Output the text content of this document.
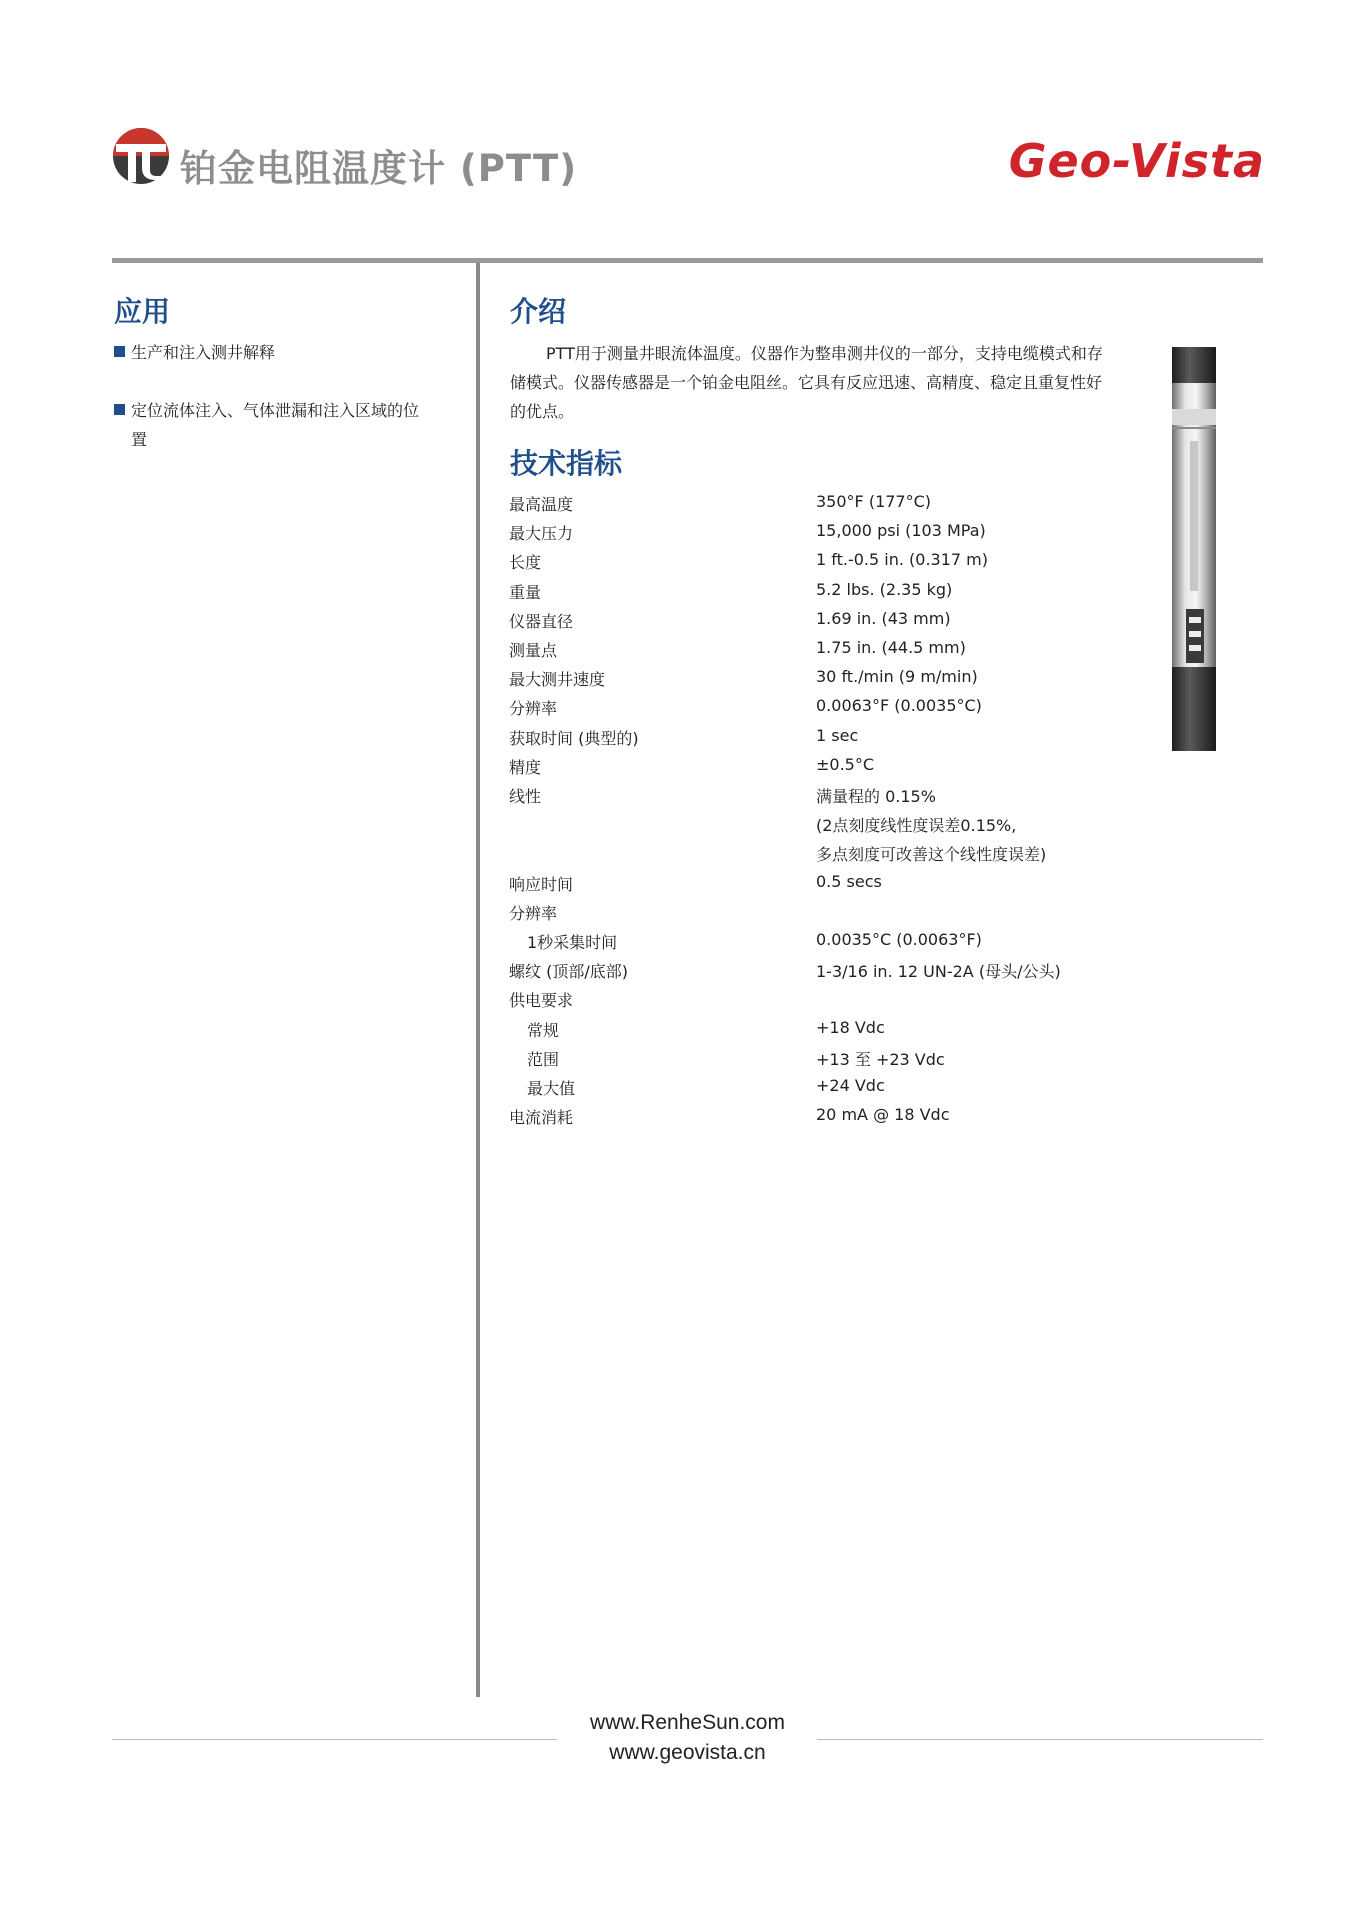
铂金电阻温度计 (PTT)	Geo-Vista
应用
生产和注入测井解释
定位流体注入、气体泄漏和注入区域的位
置
介绍
PTT用于测量井眼流体温度。仪器作为整串测井仪的一部分，支持电缆模式和存储模式。仪器传感器是一个铂金电阻丝。它具有反应迅速、高精度、稳定且重复性好的优点。
技术指标
最高温度	350°F (177°C)
最大压力	15,000 psi (103 MPa)
长度	1 ft.-0.5 in. (0.317 m)
重量	5.2 lbs. (2.35 kg)
仪器直径	1.69 in. (43 mm)
测量点	1.75 in. (44.5 mm)
最大测井速度	30 ft./min (9 m/min)
分辨率	0.0063°F (0.0035°C)
获取时间 (典型的)	1 sec
精度	±0.5°C
线性	满量程的 0.15%
(2点刻度线性度误差0.15%,
多点刻度可改善这个线性度误差)
响应时间	0.5 secs
分辨率
1秒采集时间	0.0035°C (0.0063°F)
螺纹 (顶部/底部)	1-3/16 in. 12 UN-2A (母头/公头)
供电要求
常规	+18 Vdc
范围	+13 至 +23 Vdc
最大值	+24 Vdc
电流消耗	20 mA @ 18 Vdc
www.RenheSun.com
www.geovista.cn
